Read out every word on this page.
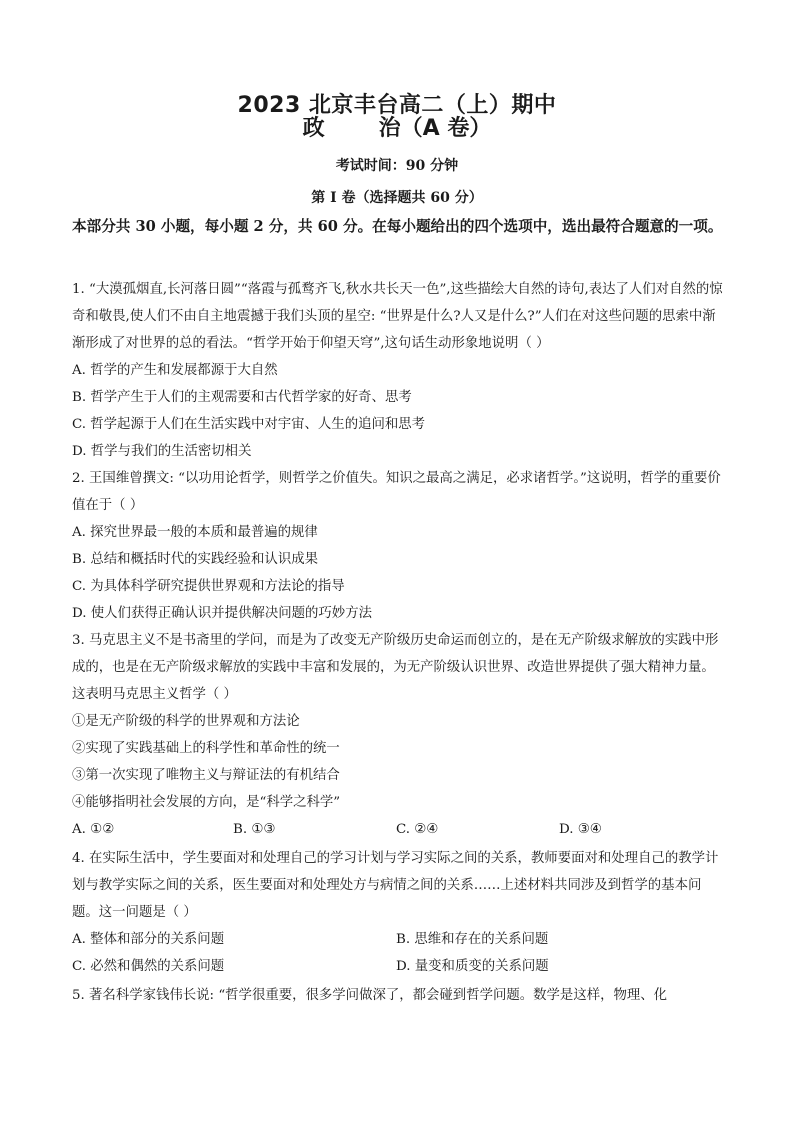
2023 北京丰台高二（上）期中
政 治（A 卷）
考试时间：90 分钟
第 I 卷（选择题共 60 分）
本部分共 30 小题，每小题 2 分，共 60 分。在每小题给出的四个选项中，选出最符合题意的一项。
1. “大漠孤烟直,长河落日圆”“落霞与孤鹜齐飞,秋水共长天一色”,这些描绘大自然的诗句,表达了人们对自然的惊奇和敬畏,使人们不由自主地震撼于我们头顶的星空: “世界是什么?人又是什么?”人们在对这些问题的思索中渐渐形成了对世界的总的看法。“哲学开始于仰望天穹”,这句话生动形象地说明（ ）
A. 哲学的产生和发展都源于大自然
B. 哲学产生于人们的主观需要和古代哲学家的好奇、思考
C. 哲学起源于人们在生活实践中对宇宙、人生的追问和思考
D. 哲学与我们的生活密切相关
2. 王国维曾撰文: “以功用论哲学，则哲学之价值失。知识之最高之满足，必求诸哲学。”这说明，哲学的重要价值在于（ ）
A. 探究世界最一般的本质和最普遍的规律
B. 总结和概括时代的实践经验和认识成果
C. 为具体科学研究提供世界观和方法论的指导
D. 使人们获得正确认识并提供解决问题的巧妙方法
3. 马克思主义不是书斋里的学问，而是为了改变无产阶级历史命运而创立的，是在无产阶级求解放的实践中形成的，也是在无产阶级求解放的实践中丰富和发展的，为无产阶级认识世界、改造世界提供了强大精神力量。这表明马克思主义哲学（ ）
①是无产阶级的科学的世界观和方法论
②实现了实践基础上的科学性和革命性的统一
③第一次实现了唯物主义与辩证法的有机结合
④能够指明社会发展的方向，是“科学之科学”
A. ①②	B. ①③	C. ②④	D. ③④
4. 在实际生活中，学生要面对和处理自己的学习计划与学习实际之间的关系，教师要面对和处理自己的教学计划与教学实际之间的关系，医生要面对和处理处方与病情之间的关系……上述材料共同涉及到哲学的基本问题。这一问题是（ ）
A. 整体和部分的关系问题	B. 思维和存在的关系问题
C. 必然和偶然的关系问题	D. 量变和质变的关系问题
5. 著名科学家钱伟长说: “哲学很重要，很多学问做深了，都会碰到哲学问题。数学是这样，物理、化
